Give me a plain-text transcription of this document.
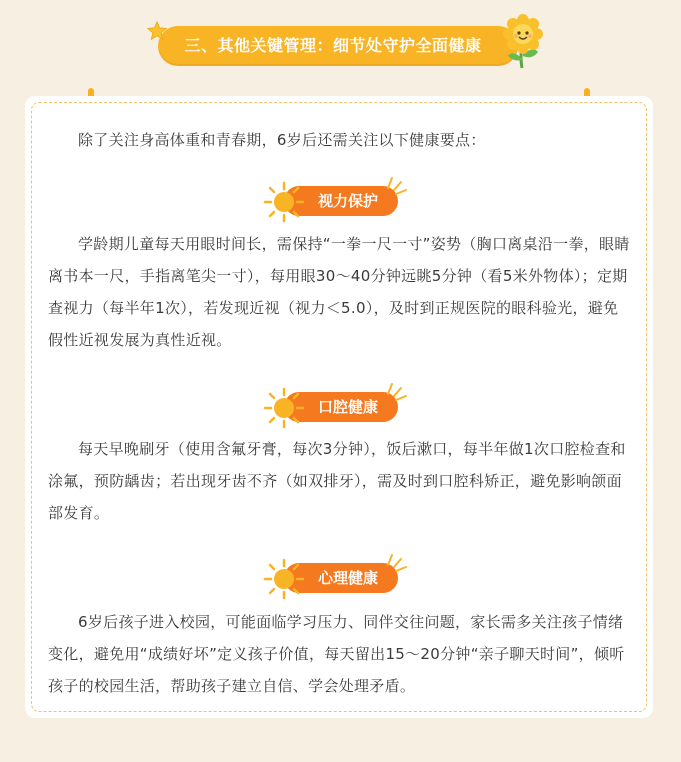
三、其他关键管理：细节处守护全面健康
除了关注身高体重和青春期，6岁后还需关注以下健康要点：
视力保护
学龄期儿童每天用眼时间长，需保持“一拳一尺一寸”姿势（胸口离桌沿一拳，眼睛离书本一尺，手指离笔尖一寸），每用眼30～40分钟远眺5分钟（看5米外物体）；定期查视力（每半年1次），若发现近视（视力＜5.0），及时到正规医院的眼科验光，避免假性近视发展为真性近视。
口腔健康
每天早晚刷牙（使用含氟牙膏，每次3分钟），饭后漱口，每半年做1次口腔检查和涂氟，预防龋齿；若出现牙齿不齐（如双排牙），需及时到口腔科矫正，避免影响颌面部发育。
心理健康
6岁后孩子进入校园，可能面临学习压力、同伴交往问题，家长需多关注孩子情绪变化，避免用“成绩好坏”定义孩子价值，每天留出15～20分钟“亲子聊天时间”，倾听孩子的校园生活，帮助孩子建立自信、学会处理矛盾。
